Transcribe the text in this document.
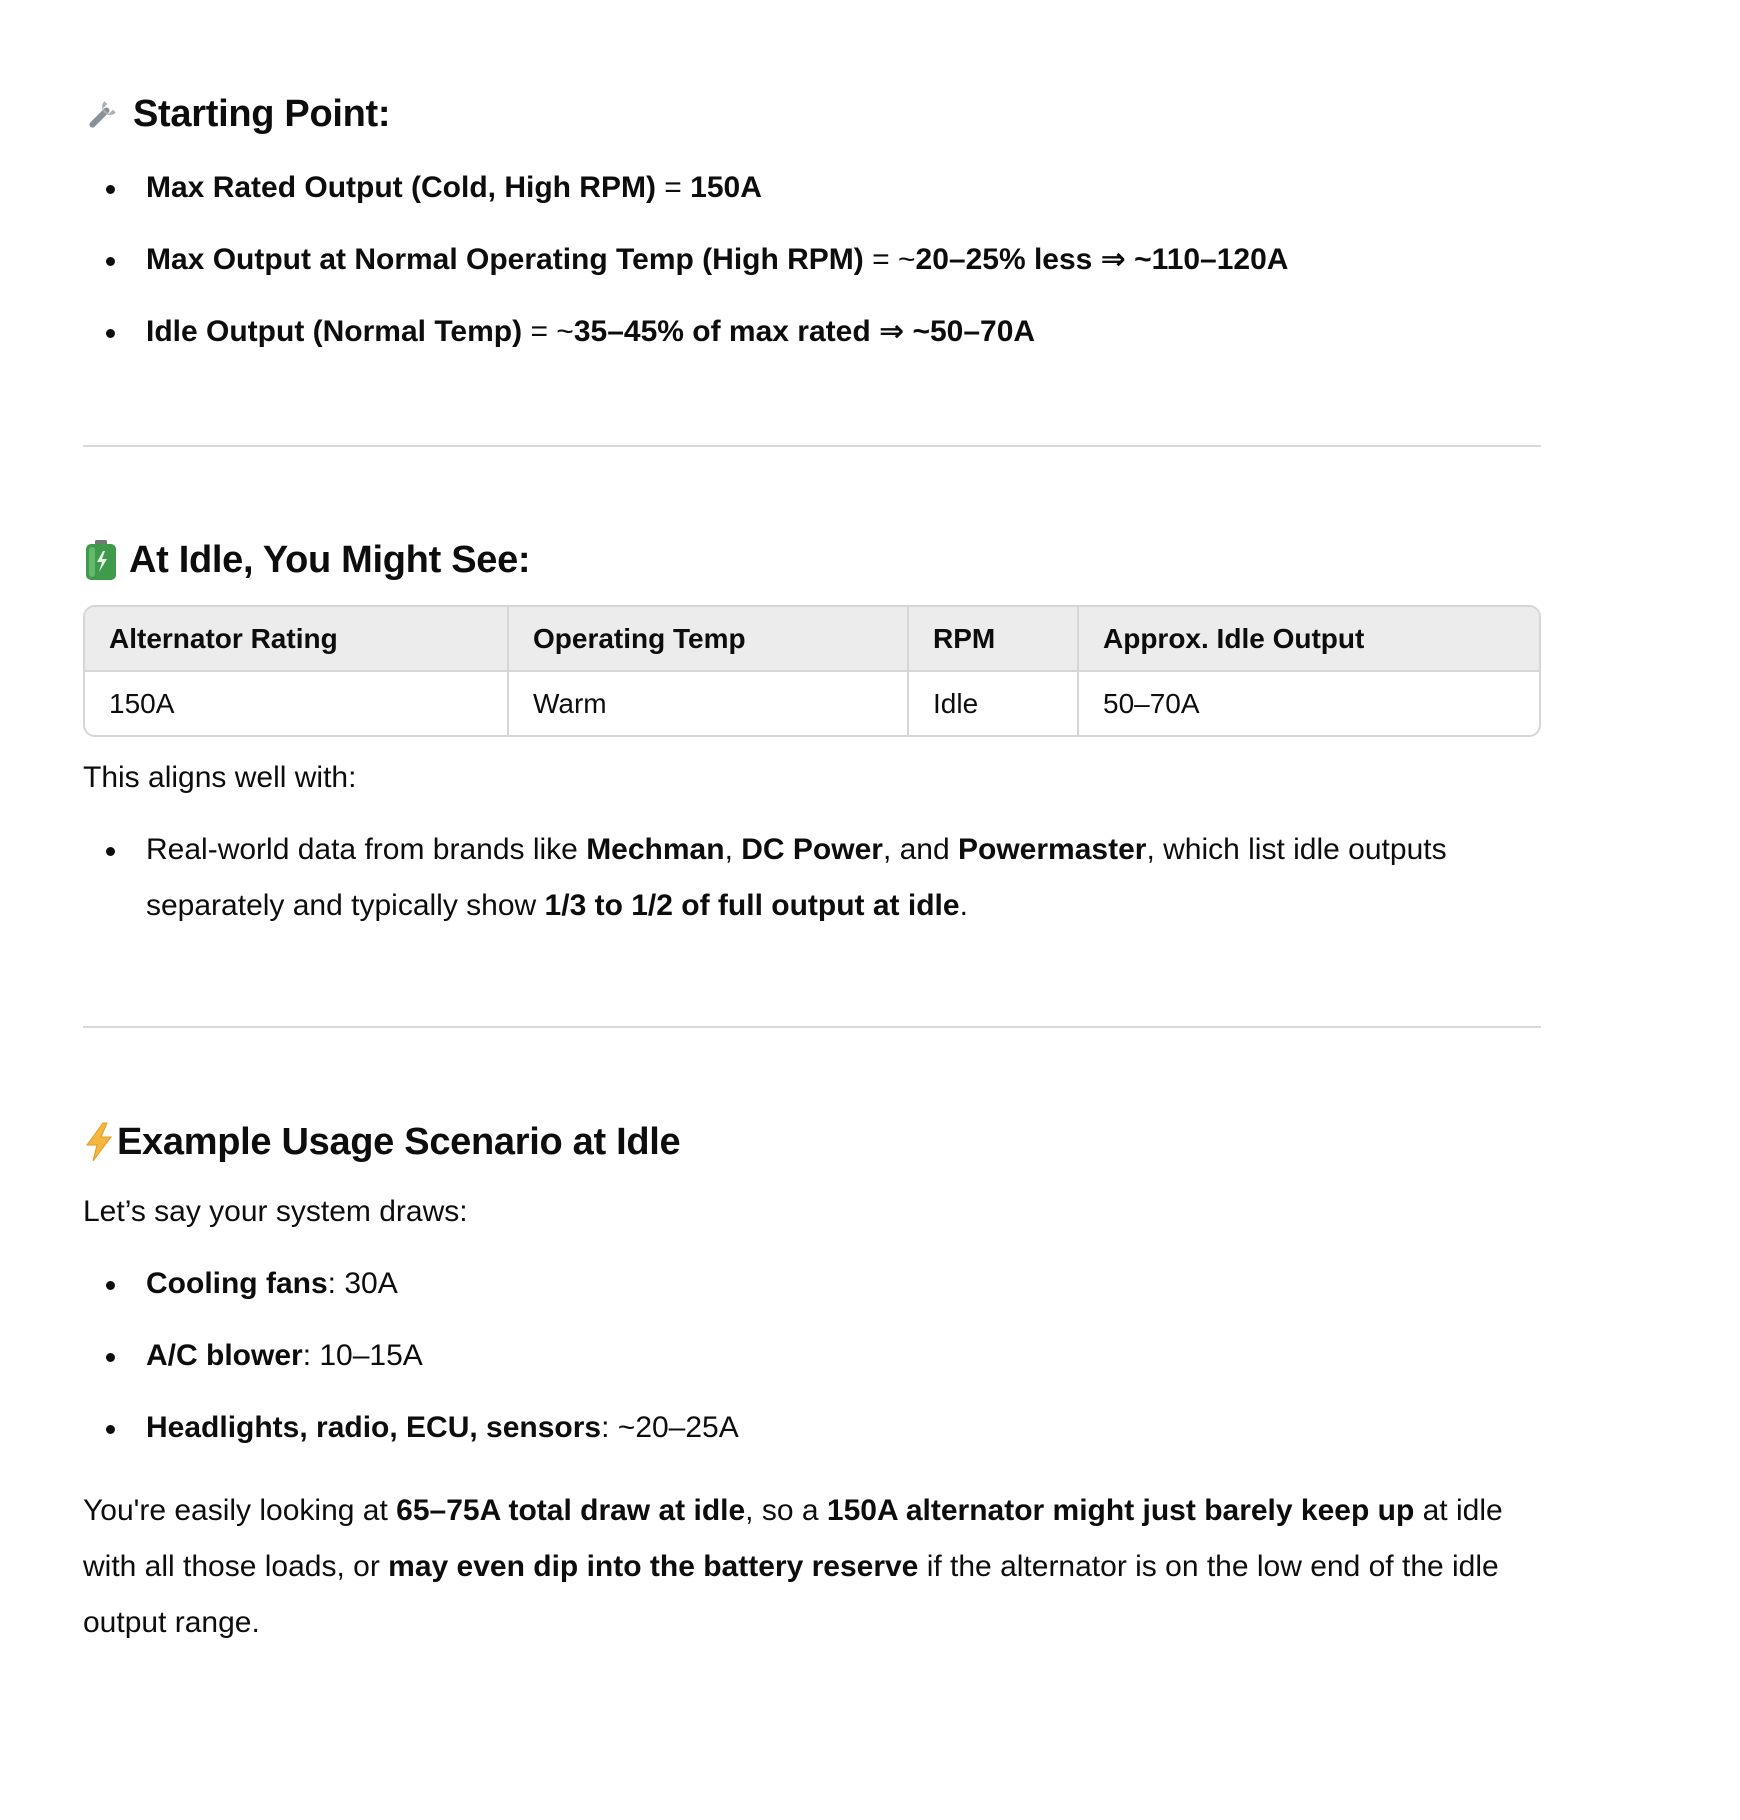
Starting Point:
Max Rated Output (Cold, High RPM) = 150A
Max Output at Normal Operating Temp (High RPM) = ~20–25% less ⇒ ~110–120A
Idle Output (Normal Temp) = ~35–45% of max rated ⇒ ~50–70A
At Idle, You Might See:
Alternator Rating	Operating Temp	RPM	Approx. Idle Output
150A	Warm	Idle	50–70A

This aligns well with:

Real-world data from brands like Mechman, DC Power, and Powermaster, which list idle outputs separately and typically show 1/3 to 1/2 of full output at idle.
Example Usage Scenario at Idle

Let’s say your system draws:

Cooling fans: 30A
A/C blower: 10–15A
Headlights, radio, ECU, sensors: ~20–25A

You're easily looking at 65–75A total draw at idle, so a 150A alternator might just barely keep up at idle with all those loads, or may even dip into the battery reserve if the alternator is on the low end of the idle output range.
